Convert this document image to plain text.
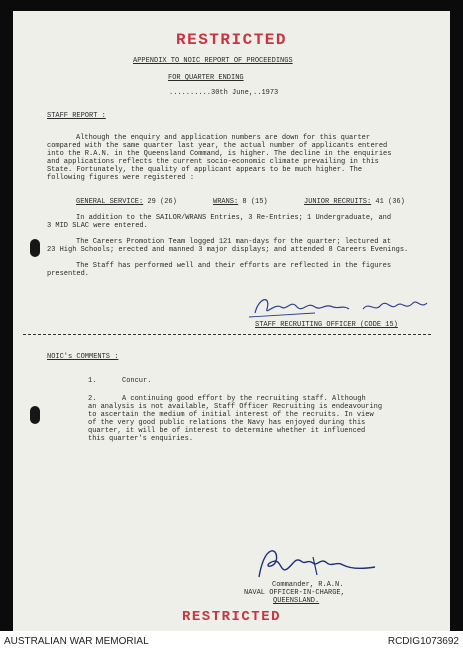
RESTRICTED
APPENDIX TO NOIC REPORT OF PROCEEDINGS
FOR QUARTER ENDING
..........30th June,..1973
STAFF REPORT :
Although the enquiry and application numbers are down for this quarter
compared with the same quarter last year, the actual number of applicants entered
into the R.A.N. in the Queensland Command, is higher. The decline in the enquiries
and applications reflects the current socio-economic climate prevailing in this
State. Fortunately, the quality of applicant appears to be much higher. The
following figures were registered :
GENERAL SERVICE: 29 (26)	WRANS: 8 (15)	JUNIOR RECRUITS: 41 (36)
In addition to the SAILOR/WRANS Entries, 3 Re-Entries; 1 Undergraduate, and
3 MID SLAC were entered.
The Careers Promotion Team logged 121 man-days for the quarter; lectured at
23 High Schools; erected and manned 3 major displays; and attended 8 Careers Evenings.
The Staff has performed well and their efforts are reflected in the figures
presented.
STAFF RECRUITING OFFICER (CODE 15)
NOIC's COMMENTS :
1.	Concur.
2.	A continuing good effort by the recruiting staff. Although
an analysis is not available, Staff Officer Recruiting is endeavouring
to ascertain the medium of initial interest of the recruits. In view
of the very good public relations the Navy has enjoyed during this
quarter, it will be of interest to determine whether it influenced
this quarter's enquiries.
Commander, R.A.N.
NAVAL OFFICER-IN-CHARGE,
QUEENSLAND.
RESTRICTED
AUSTRALIAN WAR MEMORIAL	RCDIG1073692
